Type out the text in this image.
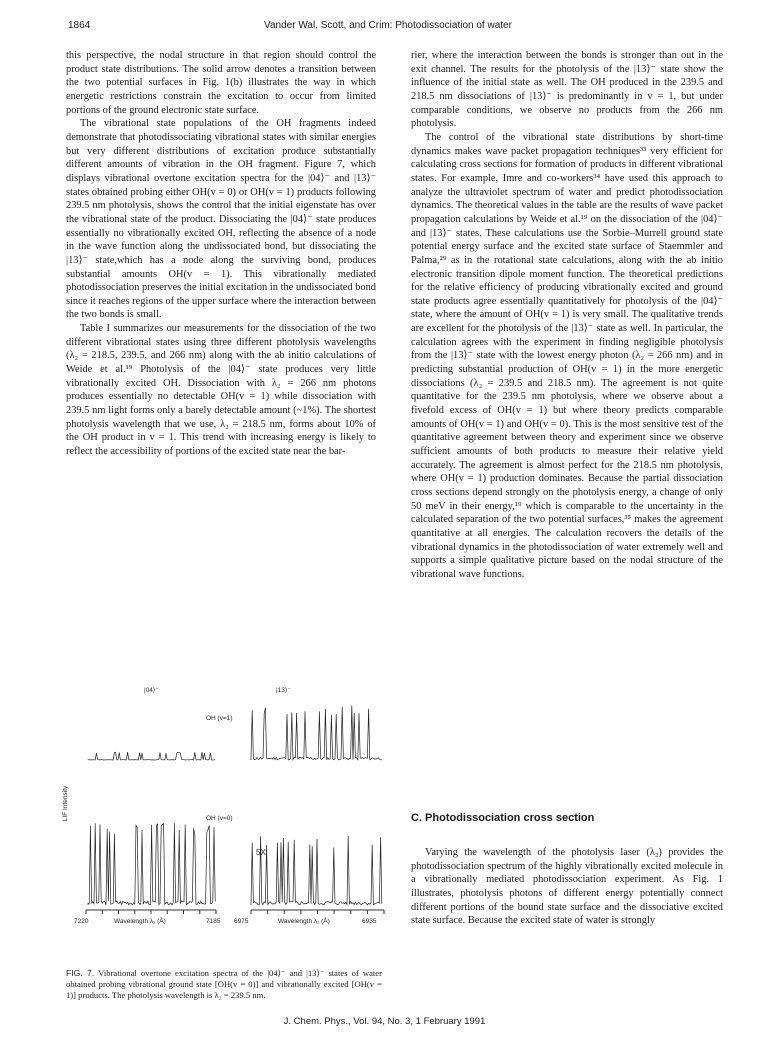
1864	Vander Wal, Scott, and Crim: Photodissociation of water

this perspective, the nodal structure in that region should control the product state distributions. The solid arrow denotes a transition between the two potential surfaces in Fig. 1(b) illustrates the way in which energetic restrictions constrain the excitation to occur from limited portions of the ground electronic state surface.

The vibrational state populations of the OH fragments indeed demonstrate that photodissociating vibrational states with similar energies but very different distributions of excitation produce substantially different amounts of vibration in the OH fragment. Figure 7, which displays vibrational overtone excitation spectra for the |04⟩⁻ and |13⟩⁻ states obtained probing either OH(v = 0) or OH(v = 1) products following 239.5 nm photolysis, shows the control that the initial eigenstate has over the vibrational state of the product. Dissociating the |04⟩⁻ state produces essentially no vibrationally excited OH, reflecting the absence of a node in the wave function along the undissociated bond, but dissociating the |13⟩⁻ state,which has a node along the surviving bond, produces substantial amounts OH(v = 1). This vibrationally mediated photodissociation preserves the initial excitation in the undissociated bond since it reaches regions of the upper surface where the interaction between the two bonds is small.

Table I summarizes our measurements for the dissociation of the two different vibrational states using three different photolysis wavelengths (λ₂ = 218.5, 239.5, and 266 nm) along with the ab initio calculations of Weide et al.¹⁹ Photolysis of the |04⟩⁻ state produces very little vibrationally excited OH. Dissociation with λ₂ = 266 nm photons produces essentially no detectable OH(v = 1) while dissociation with 239.5 nm light forms only a barely detectable amount (~1%). The shortest photolysis wavelength that we use, λ₂ = 218.5 nm, forms about 10% of the OH product in v = 1. This trend with increasing energy is likely to reflect the accessibility of portions of the excited state near the bar-

rier, where the interaction between the bonds is stronger than out in the exit channel. The results for the photolysis of the |13⟩⁻ state show the influence of the initial state as well. The OH produced in the 239.5 and 218.5 nm dissociations of |13⟩⁻ is predominantly in v = 1, but under comparable conditions, we observe no products from the 266 nm photolysis.

The control of the vibrational state distributions by short-time dynamics makes wave packet propagation techniques³³ very efficient for calculating cross sections for formation of products in different vibrational states. For example, Imre and co-workers³⁴ have used this approach to analyze the ultraviolet spectrum of water and predict photodissociation dynamics. The theoretical values in the table are the results of wave packet propagation calculations by Weide et al.¹⁹ on the dissociation of the |04⟩⁻ and |13⟩⁻ states. These calculations use the Sorbie–Murrell ground state potential energy surface and the excited state surface of Staemmler and Palma,²⁹ as in the rotational state calculations, along with the ab initio electronic transition dipole moment function. The theoretical predictions for the relative efficiency of producing vibrationally excited and ground state products agree essentially quantitatively for photolysis of the |04⟩⁻ state, where the amount of OH(v = 1) is very small. The qualitative trends are excellent for the photolysis of the |13⟩⁻ state as well. In particular, the calculation agrees with the experiment in finding negligible photolysis from the |13⟩⁻ state with the lowest energy photon (λ₂ = 266 nm) and in predicting substantial production of OH(v = 1) in the more energetic dissociations (λ₂ = 239.5 and 218.5 nm). The agreement is not quite quantitative for the 239.5 nm photolysis, where we observe about a fivefold excess of OH(v = 1) but where theory predicts comparable amounts of OH(v = 1) and OH(v = 0). This is the most sensitive test of the quantitative agreement between theory and experiment since we observe sufficient amounts of both products to measure their relative yield accurately. The agreement is almost perfect for the 218.5 nm photolysis, where OH(v = 1) production dominates. Because the partial dissociation cross sections depend strongly on the photolysis energy, a change of only 50 meV in their energy,¹⁹ which is comparable to the uncertainty in the calculated separation of the two potential surfaces,³⁵ makes the agreement quantitative at all energies. The calculation recovers the details of the vibrational dynamics in the photodissociation of water extremely well and supports a simple qualitative picture based on the nodal structure of the vibrational wave functions.

C. Photodissociation cross section

Varying the wavelength of the photolysis laser (λ₂) provides the photodissociation spectrum of the highly vibrationally excited molecule in a vibrationally mediated photodissociation experiment. As Fig. 1 illustrates, photolysis photons of different energy potentially connect different portions of the bound state surface and the dissociative excited state surface. Because the excited state of water is strongly

|04⟩⁻	|13⟩⁻
OH (v=1)
OH (v=0)
5X
LIF Intensity
7220	Wavelength λ₁ (Å)	7185 6975	Wavelength λ₁ (Å)	6935
FIG. 7. Vibrational overtone excitation spectra of the |04⟩⁻ and |13⟩⁻ states of water obtained probing vibrational ground state [OH(v = 0)] and vibrationally excited [OH(v = 1)] products. The photolysis wavelength is λ₂ = 239.5 nm.
J. Chem. Phys., Vol. 94, No. 3, 1 February 1991
